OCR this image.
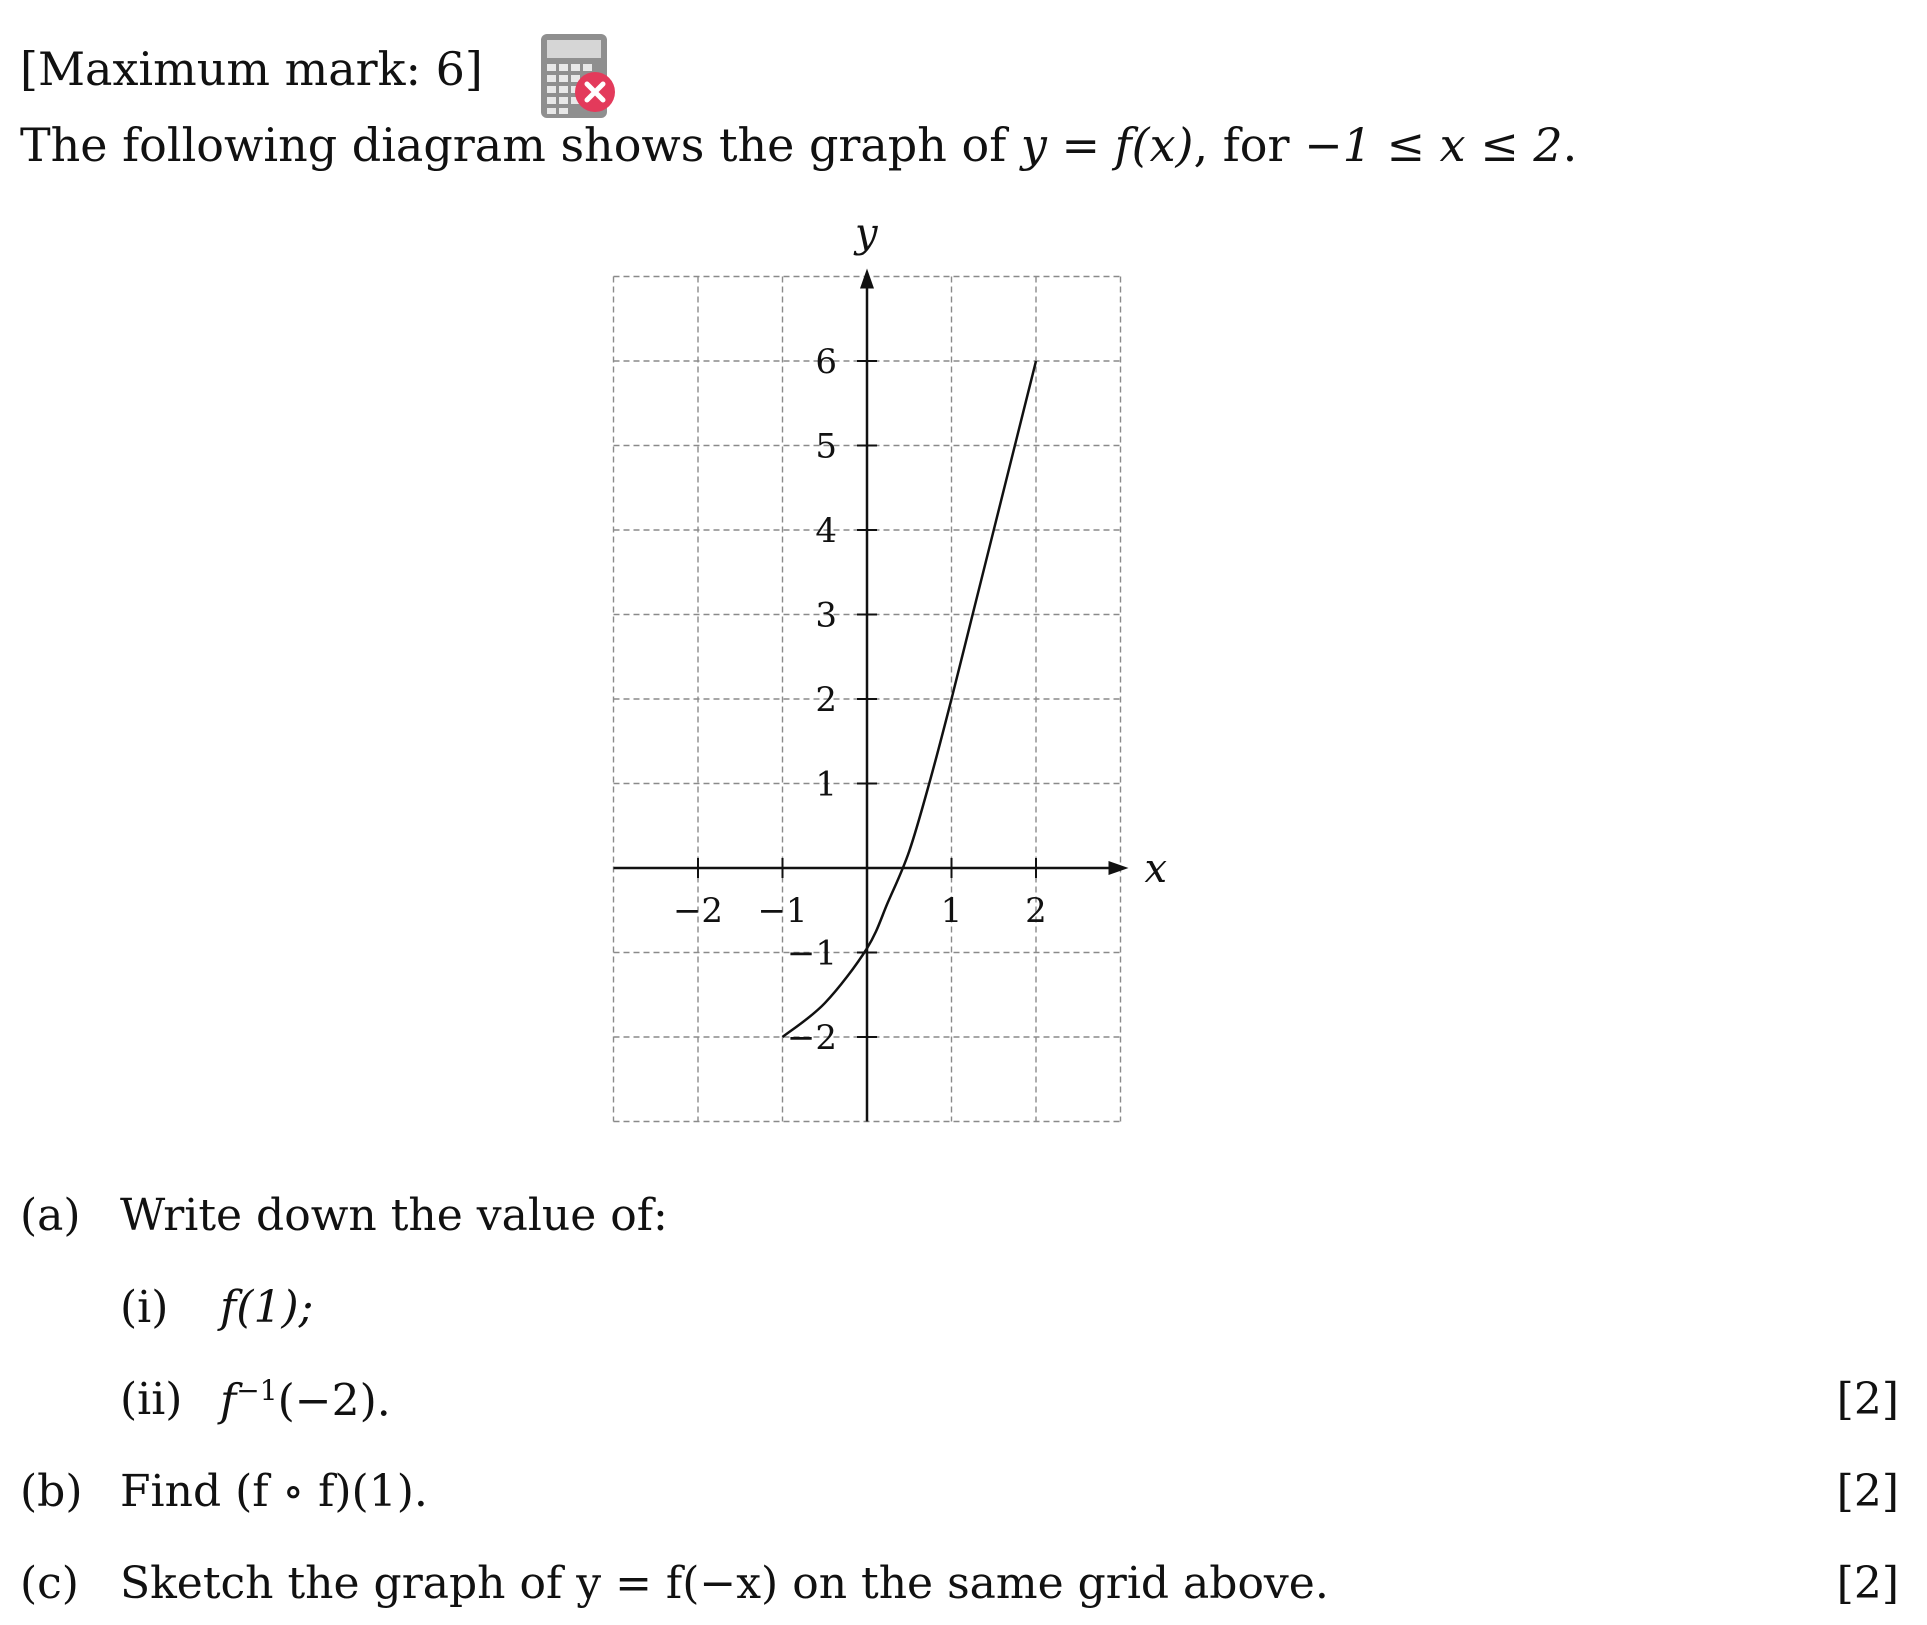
[Maximum mark: 6]
The following diagram shows the graph of y = f(x), for −1 ≤ x ≤ 2.
−2 −1	1 2
6
5
4
3
2
1
−1
−2
x
y
(a) Write down the value of:
(i) f(1);
(ii) $f^{-1}(-2)$.	[2]
(b) Find (f ∘ f)(1).	[2]
(c) Sketch the graph of y = f(−x) on the same grid above.	[2]
